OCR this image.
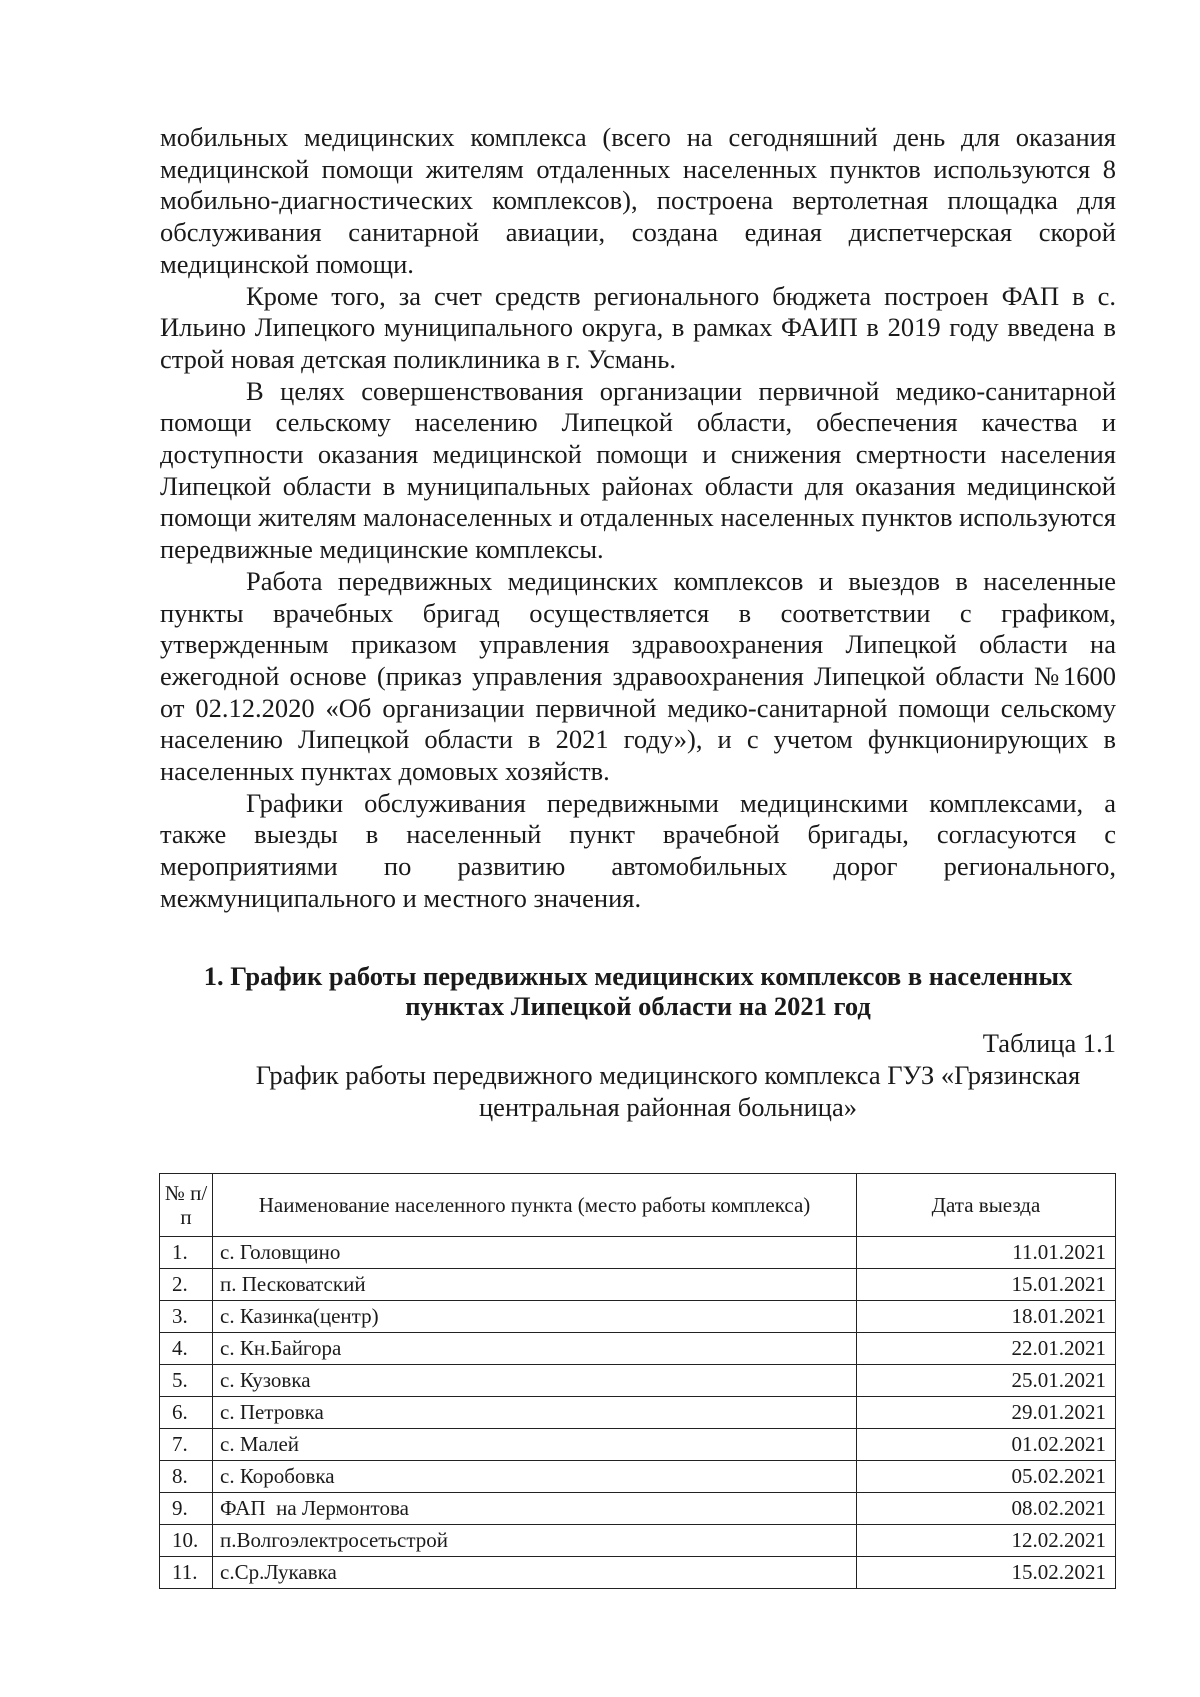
мобильных медицинских комплекса (всего на сегодняшний день для оказания медицинской помощи жителям отдаленных населенных пунктов используются 8 мобильно-диагностических комплексов), построена вертолетная площадка для обслуживания санитарной авиации, создана единая диспетчерская скорой медицинской помощи.

Кроме того, за счет средств регионального бюджета построен ФАП в с. Ильино Липецкого муниципального округа, в рамках ФАИП в 2019 году введена в строй новая детская поликлиника в г. Усмань.

В целях совершенствования организации первичной медико-санитарной помощи сельскому населению Липецкой области, обеспечения качества и доступности оказания медицинской помощи и снижения смертности населения Липецкой области в муниципальных районах области для оказания медицинской помощи жителям малонаселенных и отдаленных населенных пунктов используются передвижные медицинские комплексы.

Работа передвижных медицинских комплексов и выездов в населенные пункты врачебных бригад осуществляется в соответствии с графиком, утвержденным приказом управления здравоохранения Липецкой области на ежегодной основе (приказ управления здравоохранения Липецкой области №1600 от 02.12.2020 «Об организации первичной медико-санитарной помощи сельскому населению Липецкой области в 2021 году»), и с учетом функционирующих в населенных пунктах домовых хозяйств.

Графики обслуживания передвижными медицинскими комплексами, а также выезды в населенный пункт врачебной бригады, согласуются с мероприятиями по развитию автомобильных дорог регионального, межмуниципального и местного значения.

1. График работы передвижных медицинских комплексов в населенных пунктах Липецкой области на 2021 год

Таблица 1.1

График работы передвижного медицинского комплекса ГУЗ «Грязинская центральная районная больница»

№ п/п	Наименование населенного пункта (место работы комплекса)	Дата выезда
1.	с. Головщино	11.01.2021
2.	п. Песковатский	15.01.2021
3.	с. Казинка(центр)	18.01.2021
4.	с. Кн.Байгора	22.01.2021
5.	с. Кузовка	25.01.2021
6.	с. Петровка	29.01.2021
7.	с. Малей	01.02.2021
8.	с. Коробовка	05.02.2021
9.	ФАП  на Лермонтова	08.02.2021
10.	п.Волгоэлектросетьстрой	12.02.2021
11.	с.Ср.Лукавка	15.02.2021
